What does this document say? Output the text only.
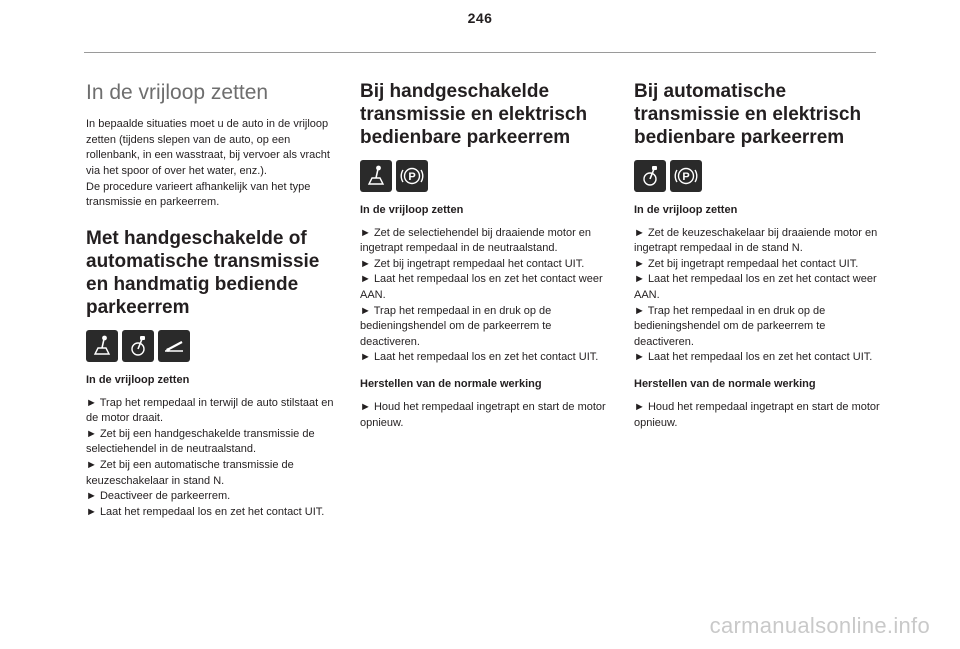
246
In de vrijloop zetten

In bepaalde situaties moet u de auto in de vrijloop zetten (tijdens slepen van de auto, op een rollenbank, in een wasstraat, bij vervoer als vracht via het spoor of over het water, enz.).
De procedure varieert afhankelijk van het type transmissie en parkeerrem.

Met handgeschakelde of automatische transmissie en handmatig bediende parkeerrem
In de vrijloop zetten

► Trap het rempedaal in terwijl de auto stilstaat en de motor draait.

► Zet bij een handgeschakelde transmissie de selectiehendel in de neutraalstand.

► Zet bij een automatische transmissie de keuzeschakelaar in stand N.

► Deactiveer de parkeerrem.

► Laat het rempedaal los en zet het contact UIT.

Bij handgeschakelde transmissie en elektrisch bedienbare parkeerrem
P
In de vrijloop zetten

► Zet de selectiehendel bij draaiende motor en ingetrapt rempedaal in de neutraalstand.

► Zet bij ingetrapt rempedaal het contact UIT.

► Laat het rempedaal los en zet het contact weer AAN.

► Trap het rempedaal in en druk op de bedieningshendel om de parkeerrem te deactiveren.

► Laat het rempedaal los en zet het contact UIT.

Herstellen van de normale werking

► Houd het rempedaal ingetrapt en start de motor opnieuw.

Bij automatische transmissie en elektrisch bedienbare parkeerrem
P
In de vrijloop zetten

► Zet de keuzeschakelaar bij draaiende motor en ingetrapt rempedaal in de stand N.

► Zet bij ingetrapt rempedaal het contact UIT.

► Laat het rempedaal los en zet het contact weer AAN.

► Trap het rempedaal in en druk op de bedieningshendel om de parkeerrem te deactiveren.

► Laat het rempedaal los en zet het contact UIT.

Herstellen van de normale werking

► Houd het rempedaal ingetrapt en start de motor opnieuw.

carmanualsonline.info
